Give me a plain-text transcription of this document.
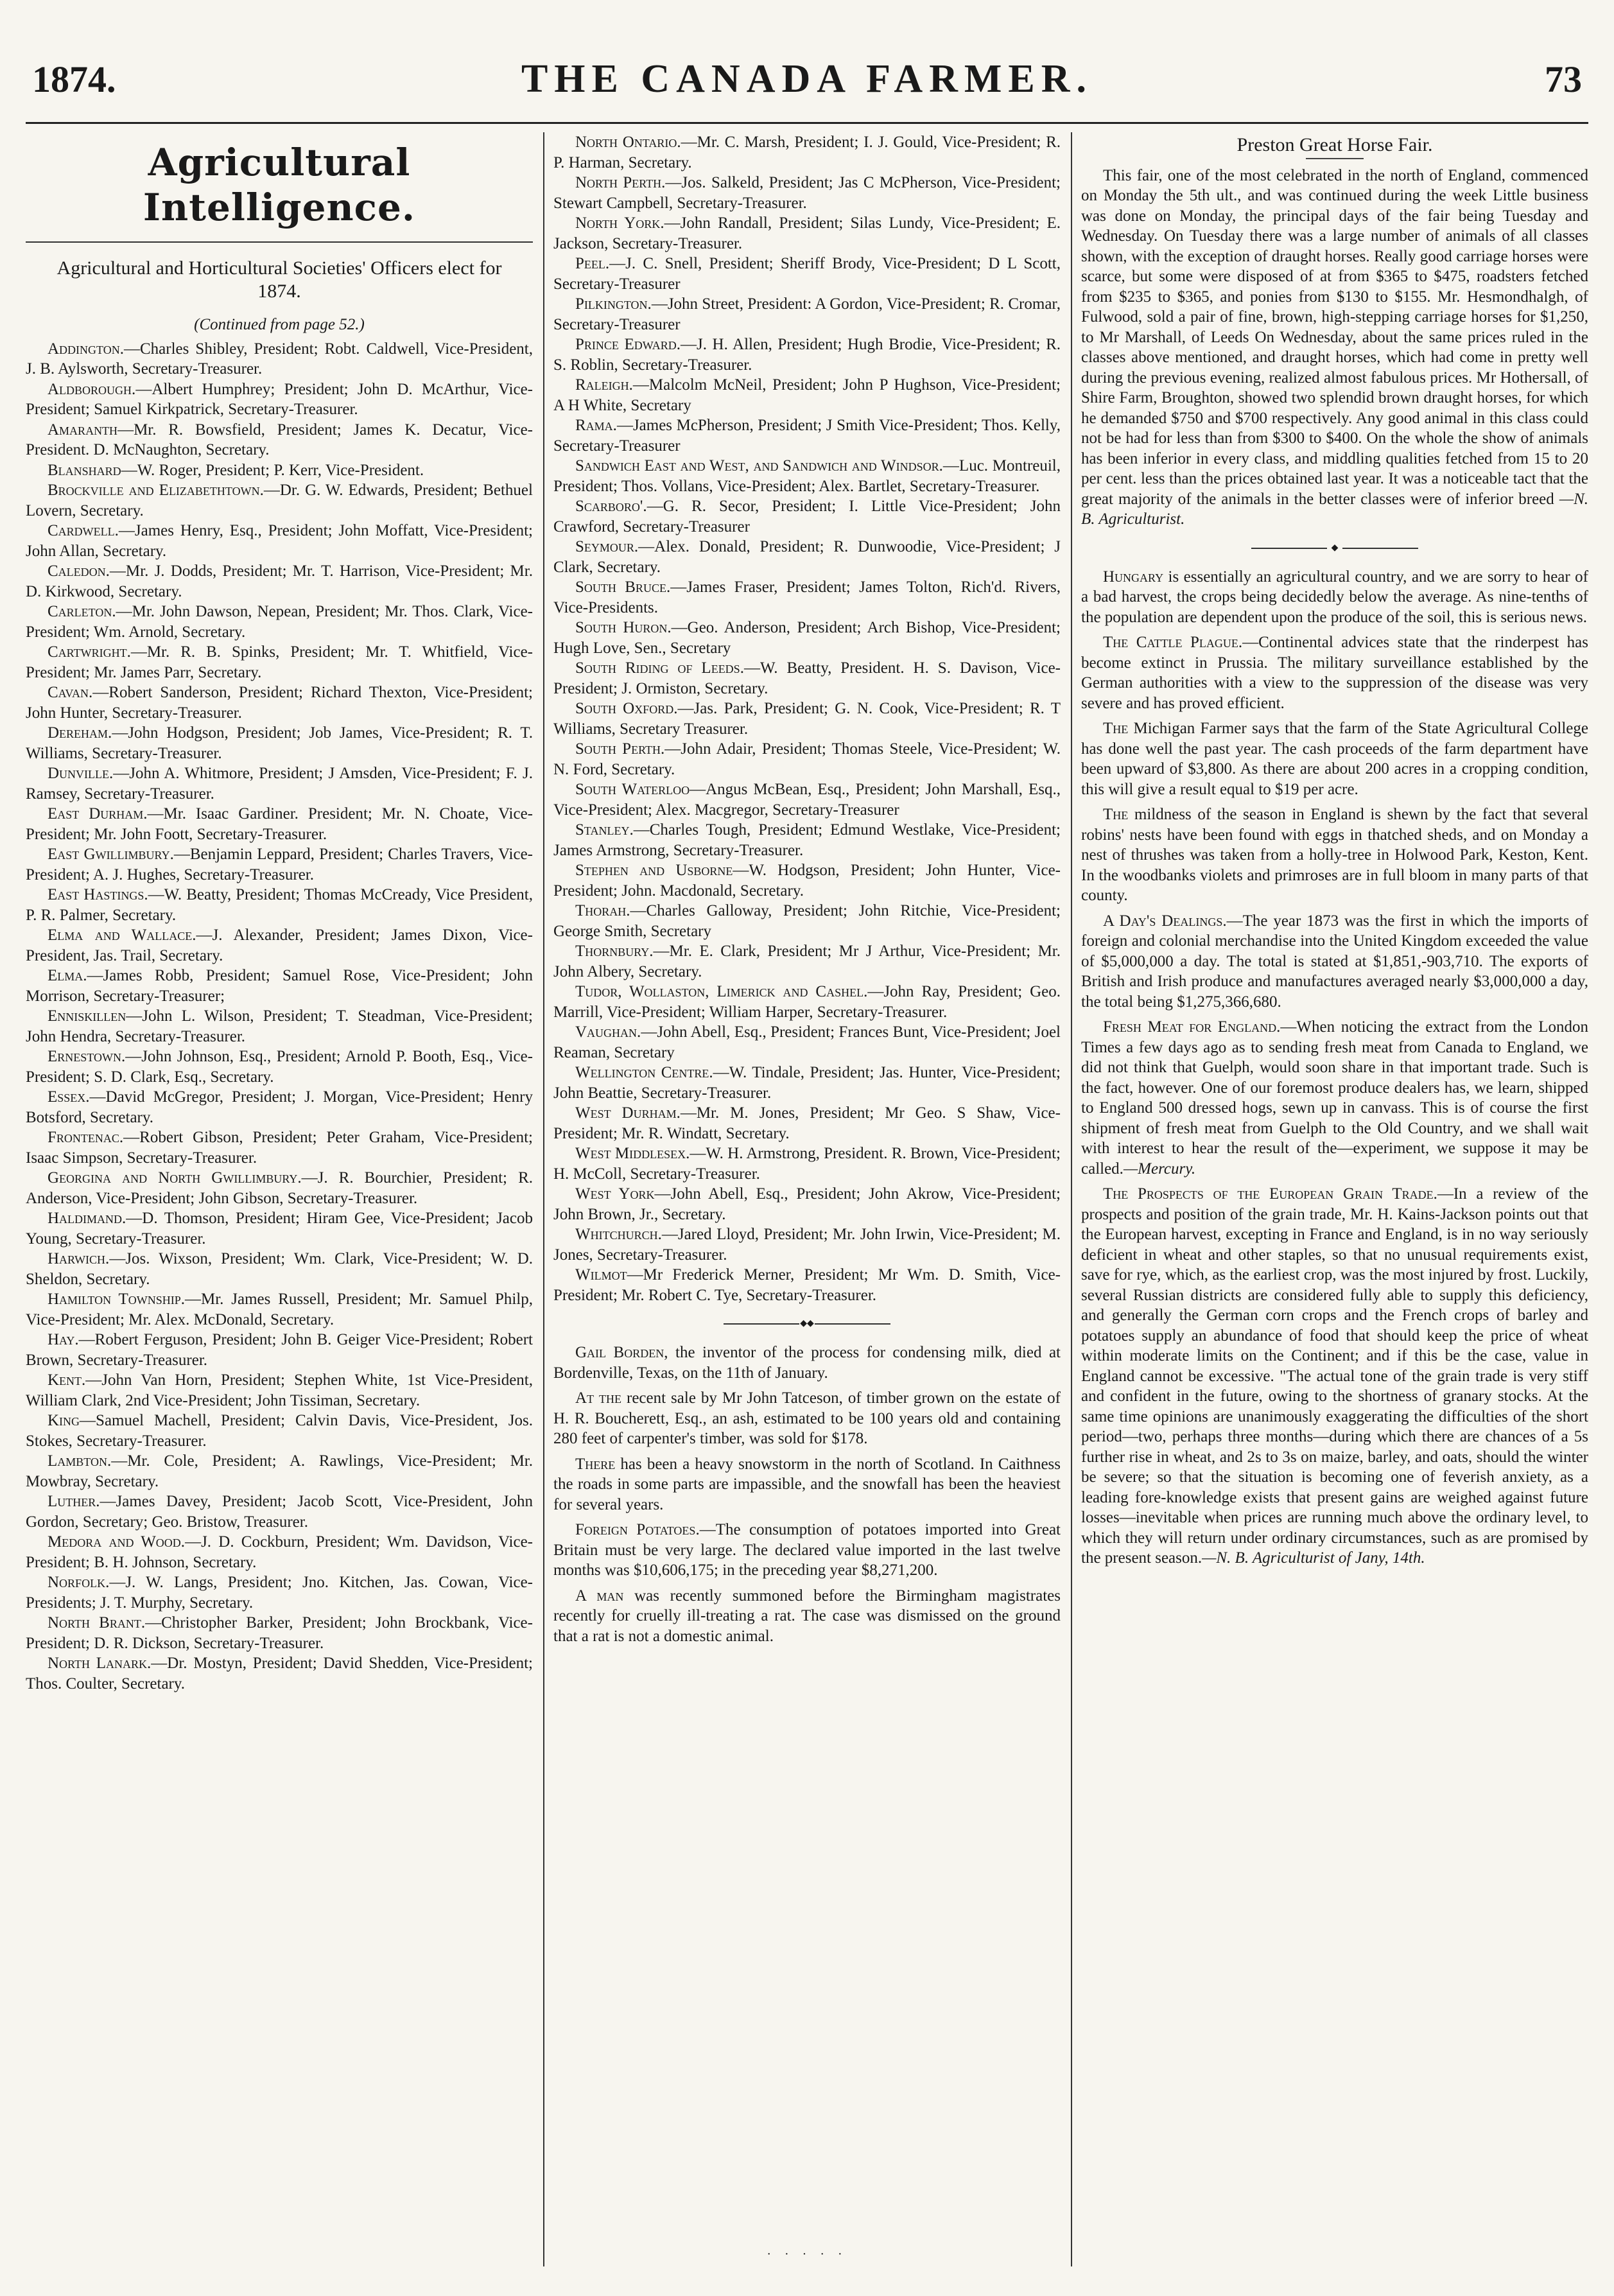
1874.	THE CANADA FARMER.	73
Agricultural Intelligence.
Agricultural and Horticultural Societies' Officers elect for 1874.
(Continued from page 52.)

Addington.—Charles Shibley, President; Robt. Caldwell, Vice-President, J. B. Aylsworth, Secretary-Treasurer.

Aldborough.—Albert Humphrey; President; John D. McArthur, Vice-President; Samuel Kirkpatrick, Secretary-Treasurer.

Amaranth—Mr. R. Bowsfield, President; James K. Decatur, Vice-President. D. McNaughton, Secretary.

Blanshard—W. Roger, President; P. Kerr, Vice-President.

Brockville and Elizabethtown.—Dr. G. W. Edwards, President; Bethuel Lovern, Secretary.

Cardwell.—James Henry, Esq., President; John Moffatt, Vice-President; John Allan, Secretary.

Caledon.—Mr. J. Dodds, President; Mr. T. Harrison, Vice-President; Mr. D. Kirkwood, Secretary.

Carleton.—Mr. John Dawson, Nepean, President; Mr. Thos. Clark, Vice-President; Wm. Arnold, Secretary.

Cartwright.—Mr. R. B. Spinks, President; Mr. T. Whitfield, Vice-President; Mr. James Parr, Secretary.

Cavan.—Robert Sanderson, President; Richard Thexton, Vice-President; John Hunter, Secretary-Treasurer.

Dereham.—John Hodgson, President; Job James, Vice-President; R. T. Williams, Secretary-Treasurer.

Dunville.—John A. Whitmore, President; J Amsden, Vice-President; F. J. Ramsey, Secretary-Treasurer.

East Durham.—Mr. Isaac Gardiner. President; Mr. N. Choate, Vice-President; Mr. John Foott, Secretary-Treasurer.

East Gwillimbury.—Benjamin Leppard, President; Charles Travers, Vice-President; A. J. Hughes, Secretary-Treasurer.

East Hastings.—W. Beatty, President; Thomas McCready, Vice President, P. R. Palmer, Secretary.

Elma and Wallace.—J. Alexander, President; James Dixon, Vice-President, Jas. Trail, Secretary.

Elma.—James Robb, President; Samuel Rose, Vice-President; John Morrison, Secretary-Treasurer;

Enniskillen—John L. Wilson, President; T. Steadman, Vice-President; John Hendra, Secretary-Treasurer.

Ernestown.—John Johnson, Esq., President; Arnold P. Booth, Esq., Vice-President; S. D. Clark, Esq., Secretary.

Essex.—David McGregor, President; J. Morgan, Vice-President; Henry Botsford, Secretary.

Frontenac.—Robert Gibson, President; Peter Graham, Vice-President; Isaac Simpson, Secretary-Treasurer.

Georgina and North Gwillimbury.—J. R. Bourchier, President; R. Anderson, Vice-President; John Gibson, Secretary-Treasurer.

Haldimand.—D. Thomson, President; Hiram Gee, Vice-President; Jacob Young, Secretary-Treasurer.

Harwich.—Jos. Wixson, President; Wm. Clark, Vice-President; W. D. Sheldon, Secretary.

Hamilton Township.—Mr. James Russell, President; Mr. Samuel Philp, Vice-President; Mr. Alex. McDonald, Secretary.

Hay.—Robert Ferguson, President; John B. Geiger Vice-President; Robert Brown, Secretary-Treasurer.

Kent.—John Van Horn, President; Stephen White, 1st Vice-President, William Clark, 2nd Vice-President; John Tissiman, Secretary.

King—Samuel Machell, President; Calvin Davis, Vice-President, Jos. Stokes, Secretary-Treasurer.

Lambton.—Mr. Cole, President; A. Rawlings, Vice-President; Mr. Mowbray, Secretary.

Luther.—James Davey, President; Jacob Scott, Vice-President, John Gordon, Secretary; Geo. Bristow, Treasurer.

Medora and Wood.—J. D. Cockburn, President; Wm. Davidson, Vice-President; B. H. Johnson, Secretary.

Norfolk.—J. W. Langs, President; Jno. Kitchen, Jas. Cowan, Vice-Presidents; J. T. Murphy, Secretary.

North Brant.—Christopher Barker, President; John Brockbank, Vice-President; D. R. Dickson, Secretary-Treasurer.

North Lanark.—Dr. Mostyn, President; David Shedden, Vice-President; Thos. Coulter, Secretary.

North Ontario.—Mr. C. Marsh, President; I. J. Gould, Vice-President; R. P. Harman, Secretary.

North Perth.—Jos. Salkeld, President; Jas C McPherson, Vice-President; Stewart Campbell, Secretary-Treasurer.

North York.—John Randall, President; Silas Lundy, Vice-President; E. Jackson, Secretary-Treasurer.

Peel.—J. C. Snell, President; Sheriff Brody, Vice-President; D L Scott, Secretary-Treasurer

Pilkington.—John Street, President: A Gordon, Vice-President; R. Cromar, Secretary-Treasurer

Prince Edward.—J. H. Allen, President; Hugh Brodie, Vice-President; R. S. Roblin, Secretary-Treasurer.

Raleigh.—Malcolm McNeil, President; John P Hughson, Vice-President; A H White, Secretary

Rama.—James McPherson, President; J Smith Vice-President; Thos. Kelly, Secretary-Treasurer

Sandwich East and West, and Sandwich and Windsor.—Luc. Montreuil, President; Thos. Vollans, Vice-President; Alex. Bartlet, Secretary-Treasurer.

Scarboro'.—G. R. Secor, President; I. Little Vice-President; John Crawford, Secretary-Treasurer

Seymour.—Alex. Donald, President; R. Dunwoodie, Vice-President; J Clark, Secretary.

South Bruce.—James Fraser, President; James Tolton, Rich'd. Rivers, Vice-Presidents.

South Huron.—Geo. Anderson, President; Arch Bishop, Vice-President; Hugh Love, Sen., Secretary

South Riding of Leeds.—W. Beatty, President. H. S. Davison, Vice-President; J. Ormiston, Secretary.

South Oxford.—Jas. Park, President; G. N. Cook, Vice-President; R. T Williams, Secretary Treasurer.

South Perth.—John Adair, President; Thomas Steele, Vice-President; W. N. Ford, Secretary.

South Waterloo—Angus McBean, Esq., President; John Marshall, Esq., Vice-President; Alex. Macgregor, Secretary-Treasurer

Stanley.—Charles Tough, President; Edmund Westlake, Vice-President; James Armstrong, Secretary-Treasurer.

Stephen and Usborne—W. Hodgson, President; John Hunter, Vice-President; John. Macdonald, Secretary.

Thorah.—Charles Galloway, President; John Ritchie, Vice-President; George Smith, Secretary

Thornbury.—Mr. E. Clark, President; Mr J Arthur, Vice-President; Mr. John Albery, Secretary.

Tudor, Wollaston, Limerick and Cashel.—John Ray, President; Geo. Marrill, Vice-President; William Harper, Secretary-Treasurer.

Vaughan.—John Abell, Esq., President; Frances Bunt, Vice-President; Joel Reaman, Secretary

Wellington Centre.—W. Tindale, President; Jas. Hunter, Vice-President; John Beattie, Secretary-Treasurer.

West Durham.—Mr. M. Jones, President; Mr Geo. S Shaw, Vice-President; Mr. R. Windatt, Secretary.

West Middlesex.—W. H. Armstrong, President. R. Brown, Vice-President; H. McColl, Secretary-Treasurer.

West York—John Abell, Esq., President; John Akrow, Vice-President; John Brown, Jr., Secretary.

Whitchurch.—Jared Lloyd, President; Mr. John Irwin, Vice-President; M. Jones, Secretary-Treasurer.

Wilmot—Mr Frederick Merner, President; Mr Wm. D. Smith, Vice-President; Mr. Robert C. Tye, Secretary-Treasurer.

◆◆

Gail Borden, the inventor of the process for condensing milk, died at Bordenville, Texas, on the 11th of January.

At the recent sale by Mr John Tatceson, of timber grown on the estate of H. R. Boucherett, Esq., an ash, estimated to be 100 years old and containing 280 feet of carpenter's timber, was sold for $178.

There has been a heavy snowstorm in the north of Scotland. In Caithness the roads in some parts are impassible, and the snowfall has been the heaviest for several years.

Foreign Potatoes.—The consumption of potatoes imported into Great Britain must be very large. The declared value imported in the last twelve months was $10,606,175; in the preceding year $8,271,200.

A man was recently summoned before the Birmingham magistrates recently for cruelly ill-treating a rat. The case was dismissed on the ground that a rat is not a domestic animal.

Preston Great Horse Fair.

This fair, one of the most celebrated in the north of England, commenced on Monday the 5th ult., and was continued during the week Little business was done on Monday, the principal days of the fair being Tuesday and Wednesday. On Tuesday there was a large number of animals of all classes shown, with the exception of draught horses. Really good carriage horses were scarce, but some were disposed of at from $365 to $475, roadsters fetched from $235 to $365, and ponies from $130 to $155. Mr. Hesmondhalgh, of Fulwood, sold a pair of fine, brown, high-stepping carriage horses for $1,250, to Mr Marshall, of Leeds On Wednesday, about the same prices ruled in the classes above mentioned, and draught horses, which had come in pretty well during the previous evening, realized almost fabulous prices. Mr Hothersall, of Shire Farm, Broughton, showed two splendid brown draught horses, for which he demanded $750 and $700 respectively. Any good animal in this class could not be had for less than from $300 to $400. On the whole the show of animals has been inferior in every class, and middling qualities fetched from 15 to 20 per cent. less than the prices obtained last year. It was a noticeable tact that the great majority of the animals in the better classes were of inferior breed —N. B. Agriculturist.

◆

Hungary is essentially an agricultural country, and we are sorry to hear of a bad harvest, the crops being decidedly below the average. As nine-tenths of the population are dependent upon the produce of the soil, this is serious news.

The Cattle Plague.—Continental advices state that the rinderpest has become extinct in Prussia. The military surveillance established by the German authorities with a view to the suppression of the disease was very severe and has proved efficient.

The Michigan Farmer says that the farm of the State Agricultural College has done well the past year. The cash proceeds of the farm department have been upward of $3,800. As there are about 200 acres in a cropping condition, this will give a result equal to $19 per acre.

The mildness of the season in England is shewn by the fact that several robins' nests have been found with eggs in thatched sheds, and on Monday a nest of thrushes was taken from a holly-tree in Holwood Park, Keston, Kent. In the woodbanks violets and primroses are in full bloom in many parts of that county.

A Day's Dealings.—The year 1873 was the first in which the imports of foreign and colonial merchandise into the United Kingdom exceeded the value of $5,000,000 a day. The total is stated at $1,851,-903,710. The exports of British and Irish produce and manufactures averaged nearly $3,000,000 a day, the total being $1,275,366,680.

Fresh Meat for England.—When noticing the extract from the London Times a few days ago as to sending fresh meat from Canada to England, we did not think that Guelph, would soon share in that important trade. Such is the fact, however. One of our foremost produce dealers has, we learn, shipped to England 500 dressed hogs, sewn up in canvass. This is of course the first shipment of fresh meat from Guelph to the Old Country, and we shall wait with interest to hear the result of the—experiment, we suppose it may be called.—Mercury.

The Prospects of the European Grain Trade.—In a review of the prospects and position of the grain trade, Mr. H. Kains-Jackson points out that the European harvest, excepting in France and England, is in no way seriously deficient in wheat and other staples, so that no unusual requirements exist, save for rye, which, as the earliest crop, was the most injured by frost. Luckily, several Russian districts are considered fully able to supply this deficiency, and generally the German corn crops and the French crops of barley and potatoes supply an abundance of food that should keep the price of wheat within moderate limits on the Continent; and if this be the case, value in England cannot be excessive. "The actual tone of the grain trade is very stiff and confident in the future, owing to the shortness of granary stocks. At the same time opinions are unanimously exaggerating the difficulties of the short period—two, perhaps three months—during which there are chances of a 5s further rise in wheat, and 2s to 3s on maize, barley, and oats, should the winter be severe; so that the situation is becoming one of feverish anxiety, as a leading fore-knowledge exists that present gains are weighed against future losses—inevitable when prices are running much above the ordinary level, to which they will return under ordinary circumstances, such as are promised by the present season.—N. B. Agriculturist of Jany, 14th.

· · · · ·
